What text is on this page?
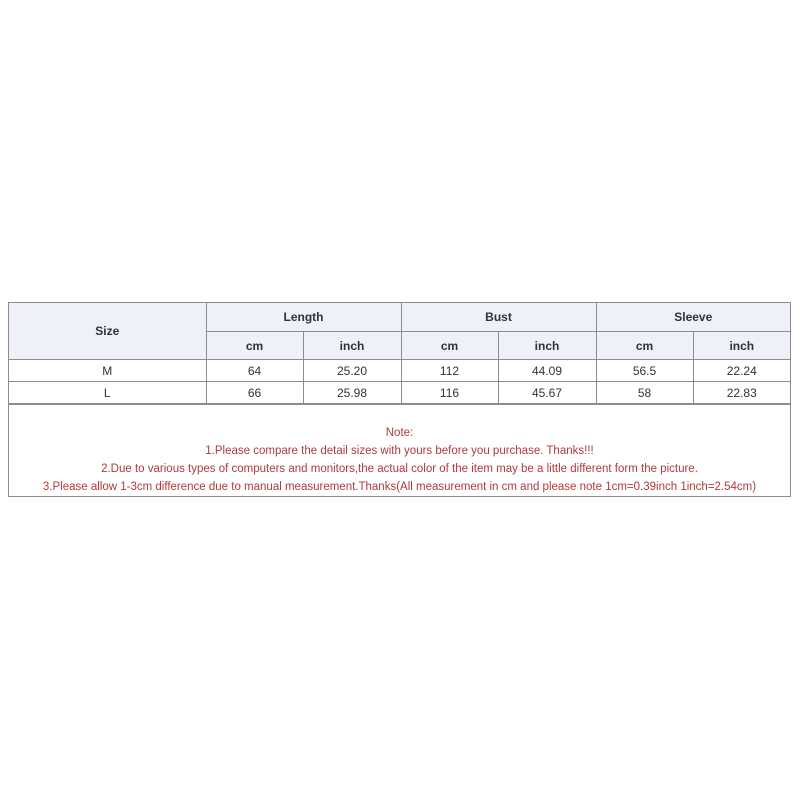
Size	Length		Bust		Sleeve	
	cm	inch	cm	inch	cm	inch
M	64	25.20	112	44.09	56.5	22.24
L	66	25.98	116	45.67	58	22.83
Note:
1.Please compare the detail sizes with yours before you purchase. Thanks!!!
2.Due to various types of computers and monitors,the actual color of the item may be a little different form the picture.
3.Please allow 1-3cm difference due to manual measurement.Thanks(All measurement in cm and please note 1cm=0.39inch 1inch=2.54cm)
